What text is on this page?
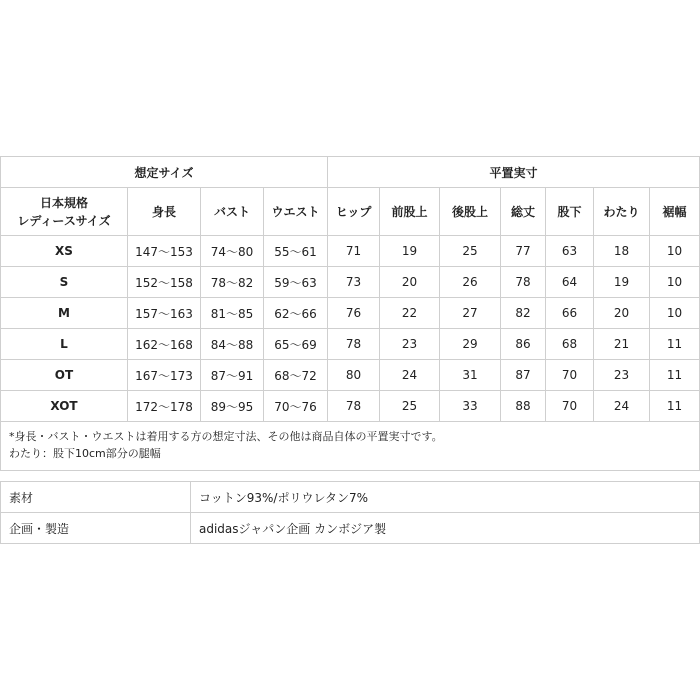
想定サイズ				平置実寸						
日本規格
レディースサイズ	身長	バスト	ウエスト	ヒップ	前股上	後股上	総丈	股下	わたり	裾幅
XS	147〜153	74〜80	55〜61	71	19	25	77	63	18	10
S	152〜158	78〜82	59〜63	73	20	26	78	64	19	10
M	157〜163	81〜85	62〜66	76	22	27	82	66	20	10
L	162〜168	84〜88	65〜69	78	23	29	86	68	21	11
OT	167〜173	87〜91	68〜72	80	24	31	87	70	23	11
XOT	172〜178	89〜95	70〜76	78	25	33	88	70	24	11

*身長・バスト・ウエストは着用する方の想定寸法、その他は商品自体の平置実寸です。
わたり：股下10cm部分の腿幅										
素材	コットン93%/ポリウレタン7%
企画・製造	adidasジャパン企画 カンボジア製
